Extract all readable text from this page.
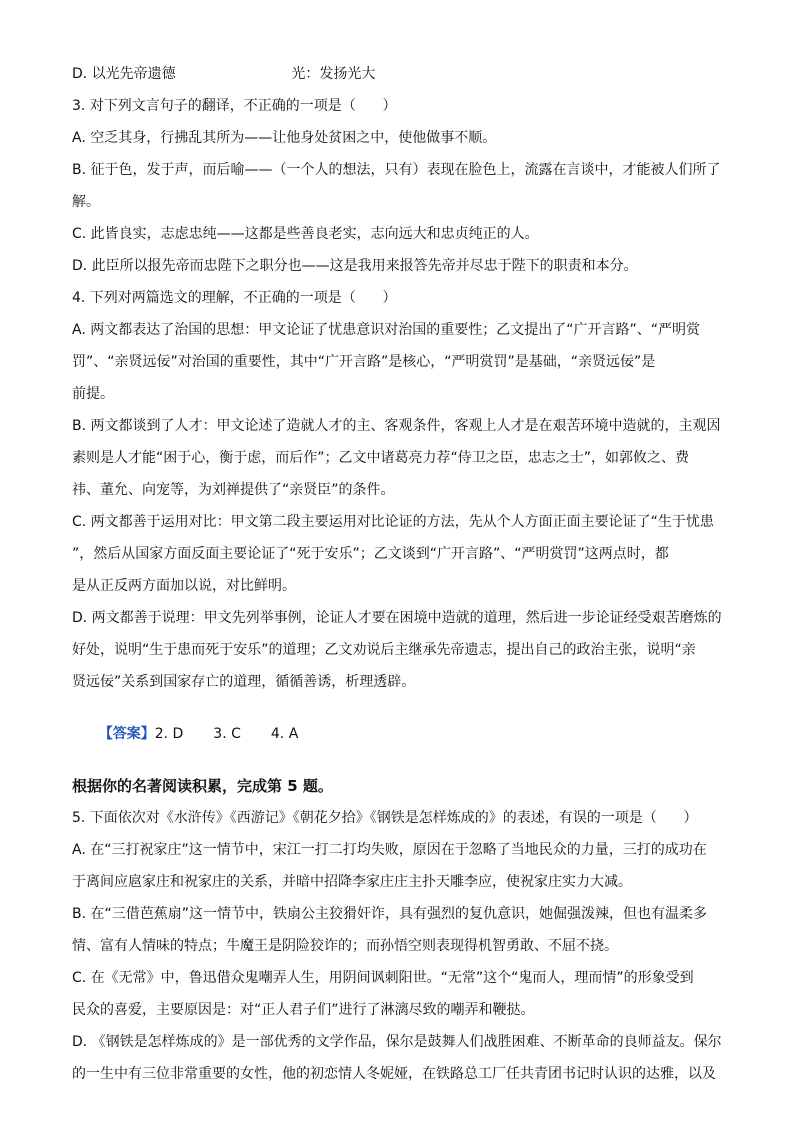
D. 以光先帝遗德                          光：发扬光大

3. 对下列文言句子的翻译，不正确的一项是（      ）

A. 空乏其身，行拂乱其所为——让他身处贫困之中，使他做事不顺。

B. 征于色，发于声，而后喻——（一个人的想法，只有）表现在脸色上，流露在言谈中，才能被人们所了

解。

C. 此皆良实，志虑忠纯——这都是些善良老实，志向远大和忠贞纯正的人。

D. 此臣所以报先帝而忠陛下之职分也——这是我用来报答先帝并尽忠于陛下的职责和本分。

4. 下列对两篇选文的理解，不正确的一项是（      ）

A. 两文都表达了治国的思想：甲文论证了忧患意识对治国的重要性；乙文提出了“广开言路”、“严明赏

罚”、“亲贤远佞”对治国的重要性，其中“广开言路”是核心，“严明赏罚”是基础，“亲贤远佞”是

前提。

B. 两文都谈到了人才：甲文论述了造就人才的主、客观条件，客观上人才是在艰苦环境中造就的，主观因

素则是人才能“困于心，衡于虑，而后作”；乙文中诸葛亮力荐“侍卫之臣，忠志之士”，如郭攸之、费

祎、董允、向宠等，为刘禅提供了“亲贤臣”的条件。

C. 两文都善于运用对比：甲文第二段主要运用对比论证的方法，先从个人方面正面主要论证了“生于忧患

”，然后从国家方面反面主要论证了“死于安乐”；乙文谈到“广开言路”、“严明赏罚”这两点时，都

是从正反两方面加以说，对比鲜明。

D. 两文都善于说理：甲文先列举事例，论证人才要在困境中造就的道理，然后进一步论证经受艰苦磨炼的

好处，说明“生于患而死于安乐”的道理；乙文劝说后主继承先帝遗志，提出自己的政治主张，说明“亲

贤远佞”关系到国家存亡的道理，循循善诱，析理透辟。

【答案】2. D 3. C 4. A

根据你的名著阅读积累，完成第 5 题。

5. 下面依次对《水浒传》《西游记》《朝花夕拾》《钢铁是怎样炼成的》的表述，有误的一项是（      ）

A. 在“三打祝家庄”这一情节中，宋江一打二打均失败，原因在于忽略了当地民众的力量，三打的成功在

于离间应扈家庄和祝家庄的关系，并暗中招降李家庄庄主扑天雕李应，使祝家庄实力大减。

B. 在“三借芭蕉扇”这一情节中，铁扇公主狡猾奸诈，具有强烈的复仇意识，她倔强泼辣，但也有温柔多

情、富有人情味的特点；牛魔王是阴险狡诈的；而孙悟空则表现得机智勇敢、不屈不挠。

C. 在《无常》中，鲁迅借众鬼嘲弄人生，用阴间讽刺阳世。“无常”这个“鬼而人，理而情”的形象受到

民众的喜爱，主要原因是：对“正人君子们”进行了淋漓尽致的嘲弄和鞭挞。

D. 《钢铁是怎样炼成的》是一部优秀的文学作品，保尔是鼓舞人们战胜困难、不断革命的良师益友。保尔

的一生中有三位非常重要的女性，他的初恋情人冬妮娅，在铁路总工厂任共青团书记时认识的达雅，以及
